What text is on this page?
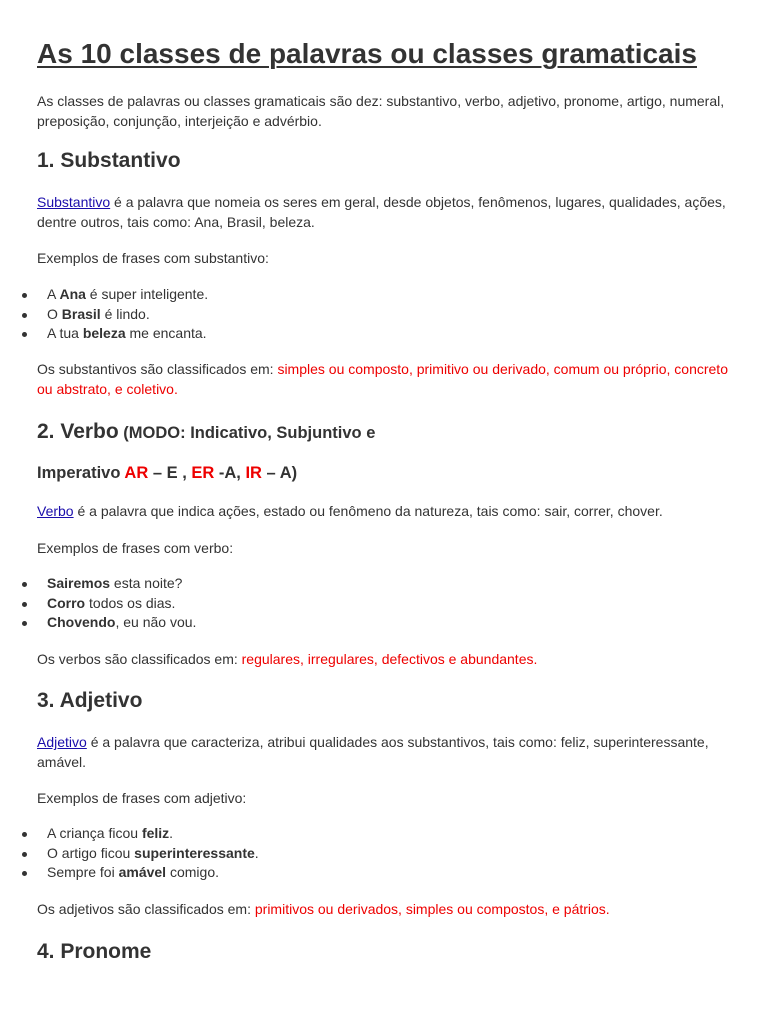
As 10 classes de palavras ou classes gramaticais

As classes de palavras ou classes gramaticais são dez: substantivo, verbo, adjetivo, pronome, artigo, numeral, preposição, conjunção, interjeição e advérbio.

1. Substantivo

Substantivo é a palavra que nomeia os seres em geral, desde objetos, fenômenos, lugares, qualidades, ações, dentre outros, tais como: Ana, Brasil, beleza.

Exemplos de frases com substantivo:

A Ana é super inteligente.
O Brasil é lindo.
A tua beleza me encanta.

Os substantivos são classificados em: simples ou composto, primitivo ou derivado, comum ou próprio, concreto ou abstrato, e coletivo.

2. Verbo (MODO: Indicativo, Subjuntivo e
Imperativo AR – E , ER -A, IR – A)

Verbo é a palavra que indica ações, estado ou fenômeno da natureza, tais como: sair, correr, chover.

Exemplos de frases com verbo:

Sairemos esta noite?
Corro todos os dias.
Chovendo, eu não vou.

Os verbos são classificados em: regulares, irregulares, defectivos e abundantes.

3. Adjetivo

Adjetivo é a palavra que caracteriza, atribui qualidades aos substantivos, tais como: feliz, superinteressante, amável.

Exemplos de frases com adjetivo:

A criança ficou feliz.
O artigo ficou superinteressante.
Sempre foi amável comigo.

Os adjetivos são classificados em: primitivos ou derivados, simples ou compostos, e pátrios.

4. Pronome
